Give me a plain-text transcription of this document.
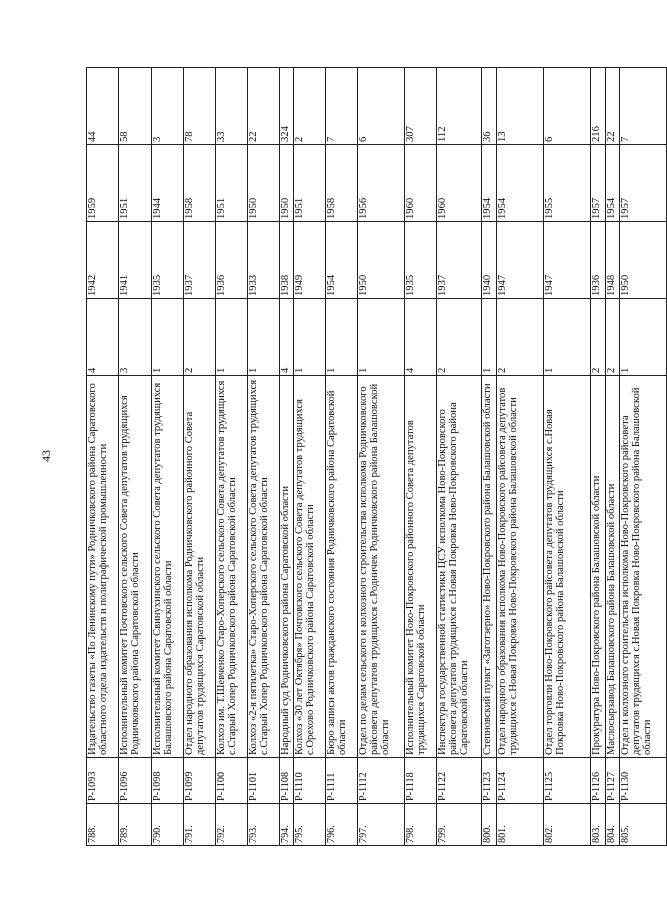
43
788.	Р-1093	Издательство газеты «По Ленинскому пути» Родничковского района Саратовского областного отдела издательств и полиграфической промышленности	4	1942	1959	44
789.	Р-1096	Исполнительный комитет Почтовского сельского Совета депутатов трудящихся Родничковского района Саратовской области	3	1941	1951	58
790.	Р-1098	Исполнительный комитет Свинухинского сельского Совета депутатов трудящихся Балашовского района Саратовской области	1	1935	1944	3
791.	Р-1099	Отдел народного образования исполкома Родничковского районного Совета депутатов трудящихся Саратовской области	2	1937	1958	78
792.	Р-1100	Колхоз им. Т.Шевченко Старо-Хоперского сельского Совета депутатов трудящихся с.Старый Хопер Родничковского района Саратовской области	1	1936	1951	33
793.	Р-1101	Колхоз «2-я пятилетка» Старо-Хоперского сельского Совета депутатов трудящихся с.Старый Хопер Родничковского района Саратовской области	1	1933	1950	22
794.	Р-1108	Народный суд Родничковского района Саратовской области	4	1938	1950	324
795.	Р-1110	Колхоз «30 лет Октября» Почтовского сельского Совета депутатов трудящихся с.Орехово Родничковского района Саратовской области	1	1949	1951	2
796.	Р-1111	Бюро записи актов гражданского состояния Родничковского района Саратовской области	1	1954	1958	7
797.	Р-1112	Отдел по делам сельского и колхозного строительства исполкома Родничковского райсовета депутатов трудящихся с.Родничек Родничковского района Балашовской области	1	1950	1956	6
798.	Р-1118	Исполнительный комитет Ново-Покровского районного Совета депутатов трудящихся Саратовской области	4	1935	1960	307
799.	Р-1122	Инспектура государственной статистики ЦСУ исполкома Ново-Покровского райсовета депутатов трудящихся с.Новая Покровка Ново-Покровского района Саратовской области	2	1937	1960	112
800.	Р-1123	Степновский пункт «Заготзерно» Ново-Покровского района Балашовской области	1	1940	1954	36
801.	Р-1124	Отдел народного образования исполкома Ново-Покровского райсовета депутатов трудящихся с.Новая Покровка Ново-Покровского района Балашовской области	2	1947	1954	13
802.	Р-1125	Отдел торговли Ново-Покровского райсовета депутатов трудящихся с.Новая Покровка Ново-Покровского района Балашовской области	1	1947	1955	6
803.	Р-1126	Прокуратура Ново-Покровского района Балашовской области	2	1936	1957	216
804.	Р-1127	Маслосырзавод Балашовского района Балашовской области	2	1948	1954	22
805.	Р-1130	Отдел и колхозного строительства исполкома Ново-Покровского райсовета депутатов трудящихся с.Новая Покровка Ново-Покровского района Балашовской области	1	1950	1957	7
